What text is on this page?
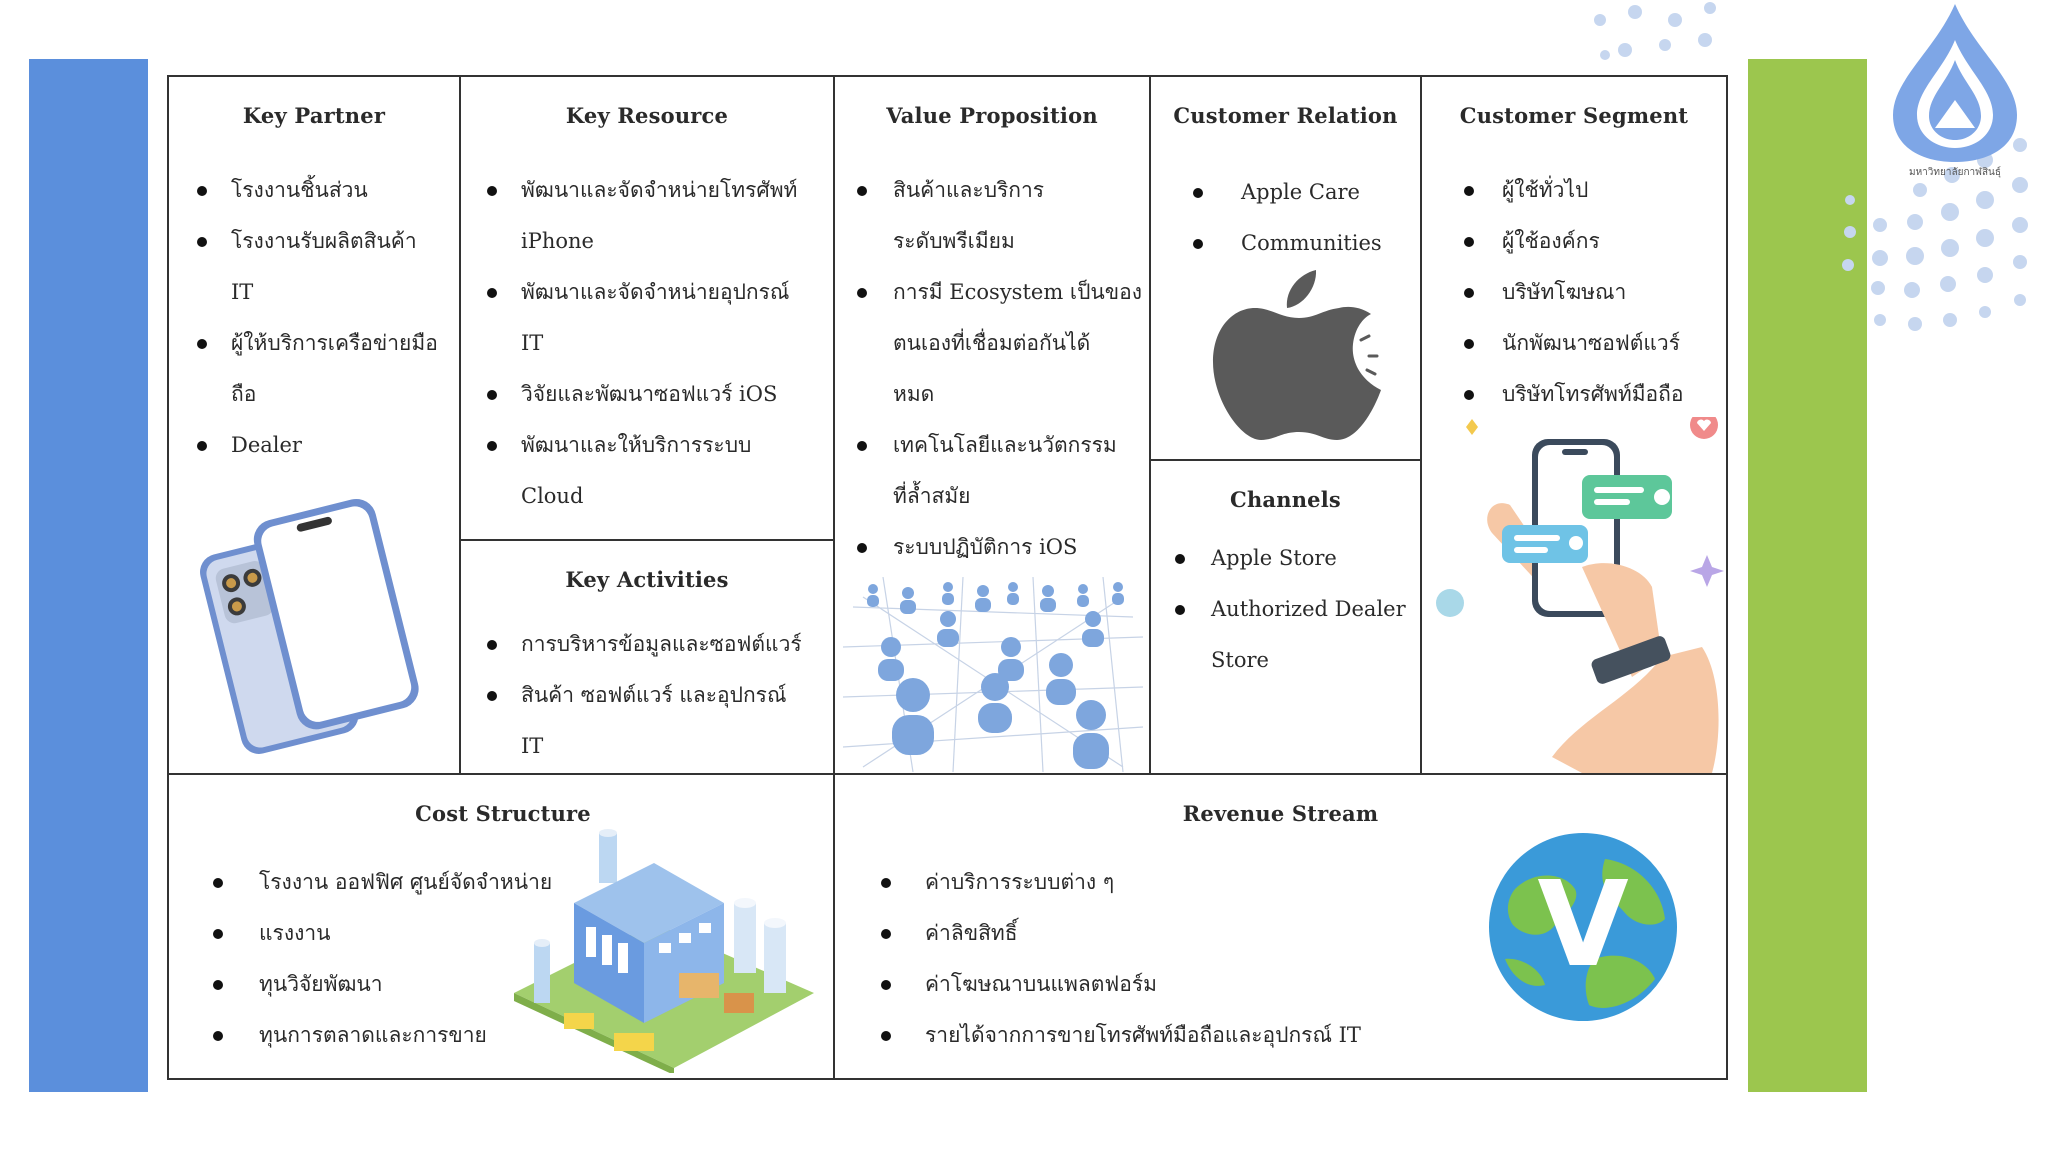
มหาวิทยาลัยกาฬสินธุ์
Key Partner
โรงงานชิ้นส่วน
โรงงานรับผลิตสินค้า
IT
ผู้ให้บริการเครือข่ายมือ
ถือ
Dealer
Key Resource
พัฒนาและจัดจำหน่ายโทรศัพท์
iPhone
พัฒนาและจัดจำหน่ายอุปกรณ์
IT
วิจัยและพัฒนาซอฟแวร์ iOS
พัฒนาและให้บริการระบบ
Cloud
Key Activities
การบริหารข้อมูลและซอฟต์แวร์
สินค้า ซอฟต์แวร์ และอุปกรณ์
IT
Value Proposition
สินค้าและบริการ
ระดับพรีเมียม
การมี Ecosystem เป็นของ
ตนเองที่เชื่อมต่อกันได้
หมด
เทคโนโลยีและนวัตกรรม
ที่ล้ำสมัย
ระบบปฏิบัติการ iOS
Customer Relation
Apple Care
Communities
Channels
Apple Store
Authorized Dealer
Store
Customer Segment
ผู้ใช้ทั่วไป
ผู้ใช้องค์กร
บริษัทโฆษณา
นักพัฒนาซอฟต์แวร์
บริษัทโทรศัพท์มือถือ
Cost Structure
โรงงาน ออฟฟิศ ศูนย์จัดจำหน่าย
แรงงาน
ทุนวิจัยพัฒนา
ทุนการตลาดและการขาย
Revenue Stream
ค่าบริการระบบต่าง ๆ
ค่าลิขสิทธิ์
ค่าโฆษณาบนแพลตฟอร์ม
รายได้จากการขายโทรศัพท์มือถือและอุปกรณ์ IT
V
